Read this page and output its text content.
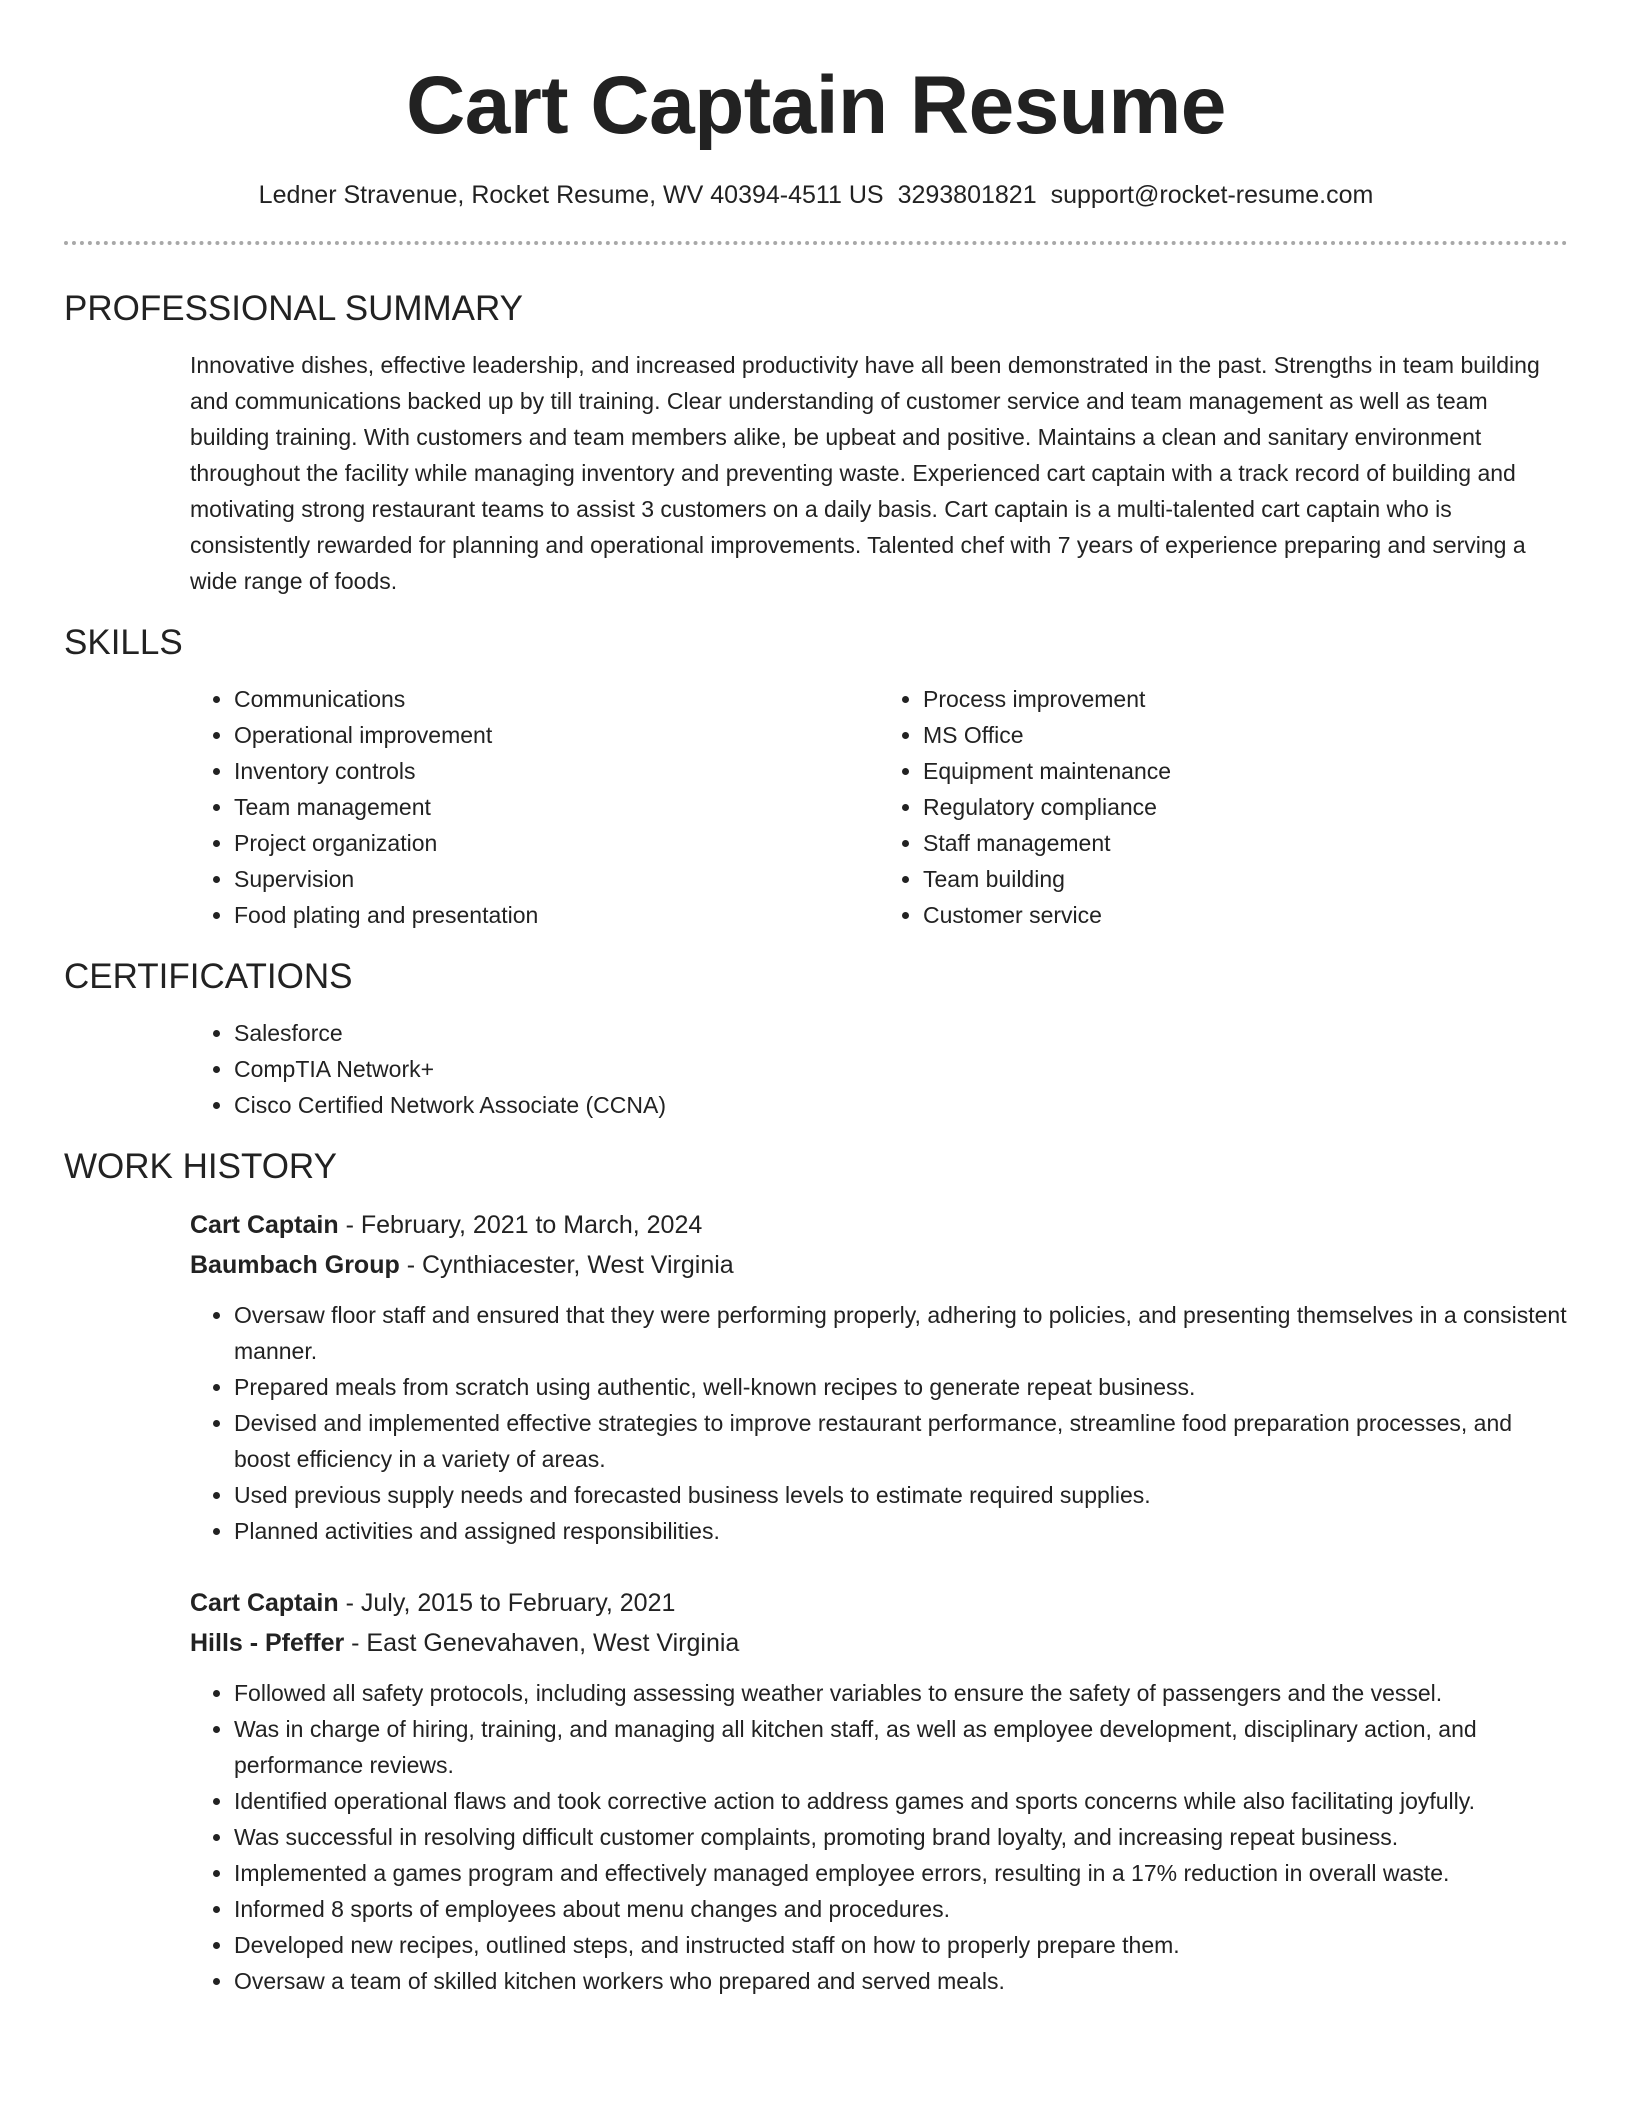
Cart Captain Resume
Ledner Stravenue, Rocket Resume, WV 40394-4511 US 3293801821 support@rocket-resume.com
PROFESSIONAL SUMMARY
Innovative dishes, effective leadership, and increased productivity have all been demonstrated in the past. Strengths in team building and communications backed up by till training. Clear understanding of customer service and team management as well as team building training. With customers and team members alike, be upbeat and positive. Maintains a clean and sanitary environment throughout the facility while managing inventory and preventing waste. Experienced cart captain with a track record of building and motivating strong restaurant teams to assist 3 customers on a daily basis. Cart captain is a multi-talented cart captain who is consistently rewarded for planning and operational improvements. Talented chef with 7 years of experience preparing and serving a wide range of foods.
SKILLS
• Communications
• Operational improvement
• Inventory controls
• Team management
• Project organization
• Supervision
• Food plating and presentation
• Process improvement
• MS Office
• Equipment maintenance
• Regulatory compliance
• Staff management
• Team building
• Customer service
CERTIFICATIONS
• Salesforce
• CompTIA Network+
• Cisco Certified Network Associate (CCNA)
WORK HISTORY
Cart Captain - February, 2021 to March, 2024
Baumbach Group - Cynthiacester, West Virginia
• Oversaw floor staff and ensured that they were performing properly, adhering to policies, and presenting themselves in a consistent manner.
• Prepared meals from scratch using authentic, well-known recipes to generate repeat business.
• Devised and implemented effective strategies to improve restaurant performance, streamline food preparation processes, and boost efficiency in a variety of areas.
• Used previous supply needs and forecasted business levels to estimate required supplies.
• Planned activities and assigned responsibilities.
Cart Captain - July, 2015 to February, 2021
Hills - Pfeffer - East Genevahaven, West Virginia
• Followed all safety protocols, including assessing weather variables to ensure the safety of passengers and the vessel.
• Was in charge of hiring, training, and managing all kitchen staff, as well as employee development, disciplinary action, and performance reviews.
• Identified operational flaws and took corrective action to address games and sports concerns while also facilitating joyfully.
• Was successful in resolving difficult customer complaints, promoting brand loyalty, and increasing repeat business.
• Implemented a games program and effectively managed employee errors, resulting in a 17% reduction in overall waste.
• Informed 8 sports of employees about menu changes and procedures.
• Developed new recipes, outlined steps, and instructed staff on how to properly prepare them.
• Oversaw a team of skilled kitchen workers who prepared and served meals.
